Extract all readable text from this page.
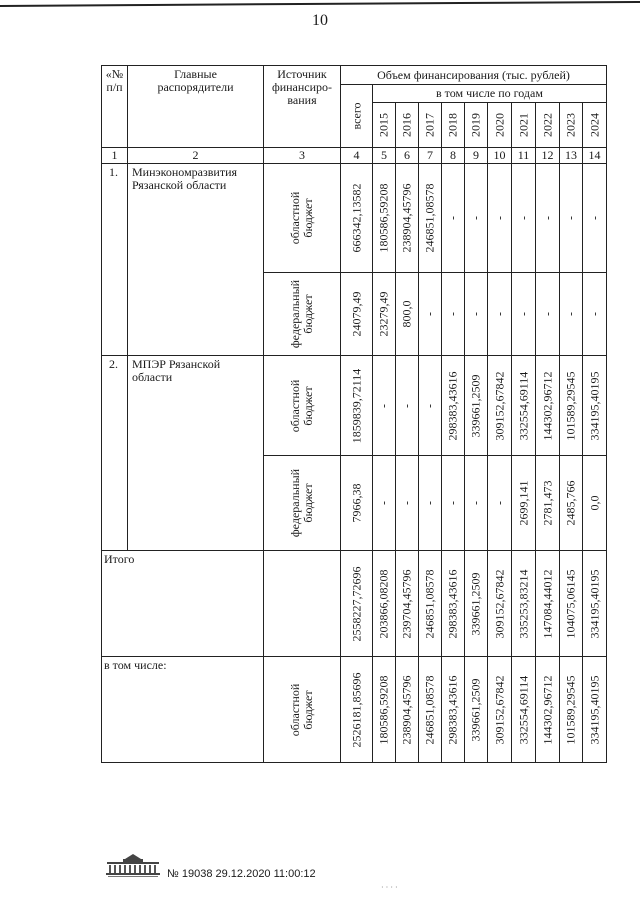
10
«№ п/п	Главные распорядители	Источник финансиро-вания	Объем финансирования (тыс. рублей)										

			всего	в том числе по годам									

				2015	2016	2017	2018	2019	2020	2021	2022	2023	2024

1	2	3	4	5	6	7	8	9	10	11	12	13	14
1.	Минэкономразвития Рязанской области	областной бюджет	666342,13582	180586,59208	238904,45796	246851,08578	-	-	-	-	-	-	-

		федеральный бюджет	24079,49	23279,49	800,0	-	-	-	-	-	-	-	-

2.	МПЭР Рязанской области	областной бюджет	1859839,72114	-	-	-	298383,43616	339661,2509	309152,67842	332554,69114	144302,96712	101589,29545	334195,40195

		федеральный бюджет	7966,38	-	-	-	-	-	-	2699,141	2781,473	2485,766	0,0

Итого			2558227,72696	203866,08208	239704,45796	246851,08578	298383,43616	339661,2509	309152,67842	335253,83214	147084,44012	104075,06145	334195,40195

в том числе:		областной бюджет	2526181,85696	180586,59208	238904,45796	246851,08578	298383,43616	339661,2509	309152,67842	332554,69114	144302,96712	101589,29545	334195,40195
№ 19038 29.12.2020 11:00:12
· · · ·
